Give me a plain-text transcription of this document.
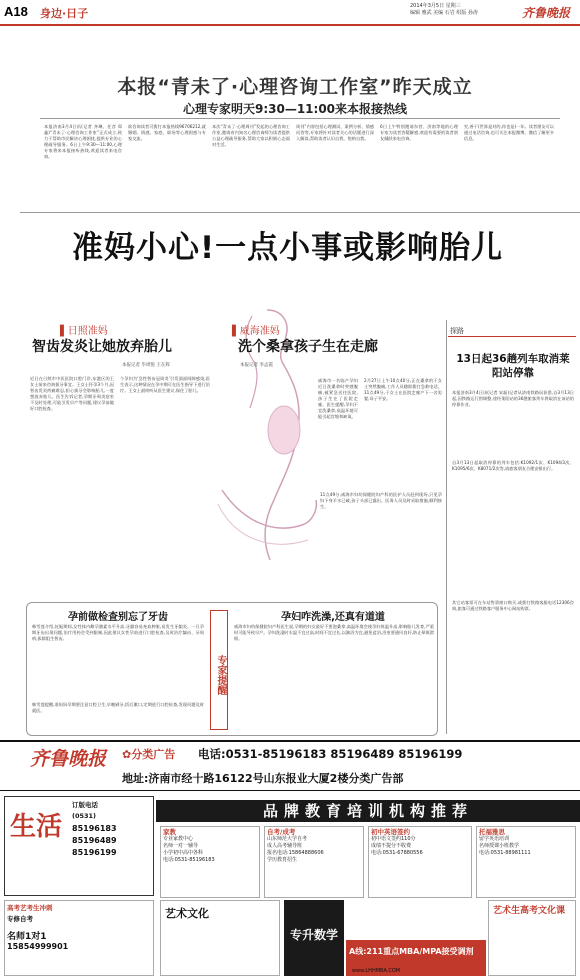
A18 身边·日子
2014年3月5日 星期三
编辑 雅武 美编 石岩 组版 孙涛	齐鲁晚报
本报“青未了·心理咨询工作室”昨天成立
心理专家明天9:30—11:00来本报接热线
本报济南3月4日讯(记者 齐琳、任彦 郑鑫)“青未了·心理咨询工作室”正式成立,致力于帮助市民解决心理困扰,提供专业的心理疏导服务。6日上午9:30—11:00,心理专家将来本报接听热线,欢迎读者来电咨询。
欲咨询读者可拨打本报热线96706212,就婚姻、情感、家庭、职场等心理困惑与专家交流。
本次“青未了·心理周刊”发起的心理咨询工作室,邀请省内知名心理咨询师为读者提供公益心理疏导服务,帮助大家以积极心态面对生活。
周刊”内容包括心理测试、案例分析、情感问答等,专家将针对读者关心的话题进行深入解读,帮助读者认识自我、悦纳自我。
6日上午特别邀请东营、济南等地的心理专家为读者答疑解惑,欢迎有需要的读者朋友踊跃来电咨询。
究,善于(世界是对的,你也是)一年。读者朋友可以通过电话咨询,也可关注本报微博、微信了解更多信息。
准妈小心!一点小事或影响胎儿
▌日照准妈
智齿发炎让她放弃胎儿
本报记者 毕周悦 王在辉
近日在日照市中医医院口腔门诊,东港区的王女士前来咨询拔牙事宜。王女士怀孕3个月,因智齿发炎疼痛难忍,担心拔牙会影响胎儿,一度想放弃胎儿。医生告诉记者,孕期牙周炎症若不及时处理,可能引发早产等问题,建议孕前做好口腔检查。
个孕妇为‘急性智齿冠周炎’引发面部间隙感染,医生表示,这种情况在孕中期可在医生指导下进行治疗。王女士最终听从医生建议,保住了胎儿。
▌威海准妈
洗个桑拿孩子生在走廊
本报记者 李孟霞
威海市一名临产孕妇近日洗桑拿时突感腹痛,被紧急送往医院,孩子生在了医院走廊。医生提醒,孕妇不宜洗桑拿,高温环境可能引起宫缩和缺氧。
2月27日上午10点40分,正在桑拿的于女士突然腹痛,工作人员随即拨打急救电话。11点49分,于女士在医院走廊产下一名男婴,母子平安。
11点49分,威海市妇幼保健院妇产科的医护人员赶到现场,只见孕妇下身羊水已破,孩子头部已露出。医务人员及时采取措施,顺利接生。
孕前做检查别忘了牙齿
韩雪莲介绍,妊娠期间,女性体内雌孕激素水平升高,牙龈容易充血肿胀,易发生牙龈炎。一旦孕期牙齿出现问题,治疗用药会受到限制,因此建议女性孕前进行口腔检查,及时治疗龋齿、牙周病,拔除阻生智齿。
韩雪莲提醒,准妈妈孕期要注意口腔卫生,早晚刷牙,饭后漱口,定期进行口腔检查,发现问题及时就医。
专家提醒
孕妇咋洗澡,还真有道道
威海市妇幼保健院妇产科医生说,孕期的妇女最好不要泡桑拿,高温环境会使孕妇体温升高,影响胎儿发育,严重时可能导致早产。孕妇洗澡时水温不宜过高,时间不宜过长,以淋浴为宜,避免盆浴,浴室要通风良好,防止晕厥滑倒。
探路
13日起36趟列车取消莱阳站停靠
本报济南3月4日讯(记者 宋磊)记者从济南铁路局获悉,自3月13日起,因铁路运行图调整,途经莱阳站的36趟旅客列车将取消在该站的停靠作业。
自3月13日起取消停靠的列车包括:K1092/1次、K1094/3次、K1095/6次、K8071/2次等,请旅客朋友合理安排出行。
其它站客票可在车站售票窗口购买,或拨打铁路客服电话12306咨询,旅客可通过铁路客户服务中心网站购票。
齐鲁晚报 ✿分类广告 电话:0531-85196183 85196489 85196199
地址:济南市经十路16122号山东报业大厦2楼分类广告部
生活
订版电话
(0531)
85196183
85196489
85196199
品牌教育培训机构推荐
家教
专业家教中心
名师一对一辅导
小学初中高中各科
电话:0531-85196183
自考/成考
山东师范大学自考
成人高考辅导班
报名电话:15864888606
学历教育招生
初中英语签约
初中语文签约110分
成绩不提分不收费
电话:0531-67880556
托福雅思
留学英语培训
名师授课小班教学
电话:0531-88981111
高考艺考生冲刺
专修自考
名师1对1
15854999901
艺术文化
专升数学
A线:211重点MBA/MPA接受调剂
www.LHHMBA.COM
艺术生高考文化课
